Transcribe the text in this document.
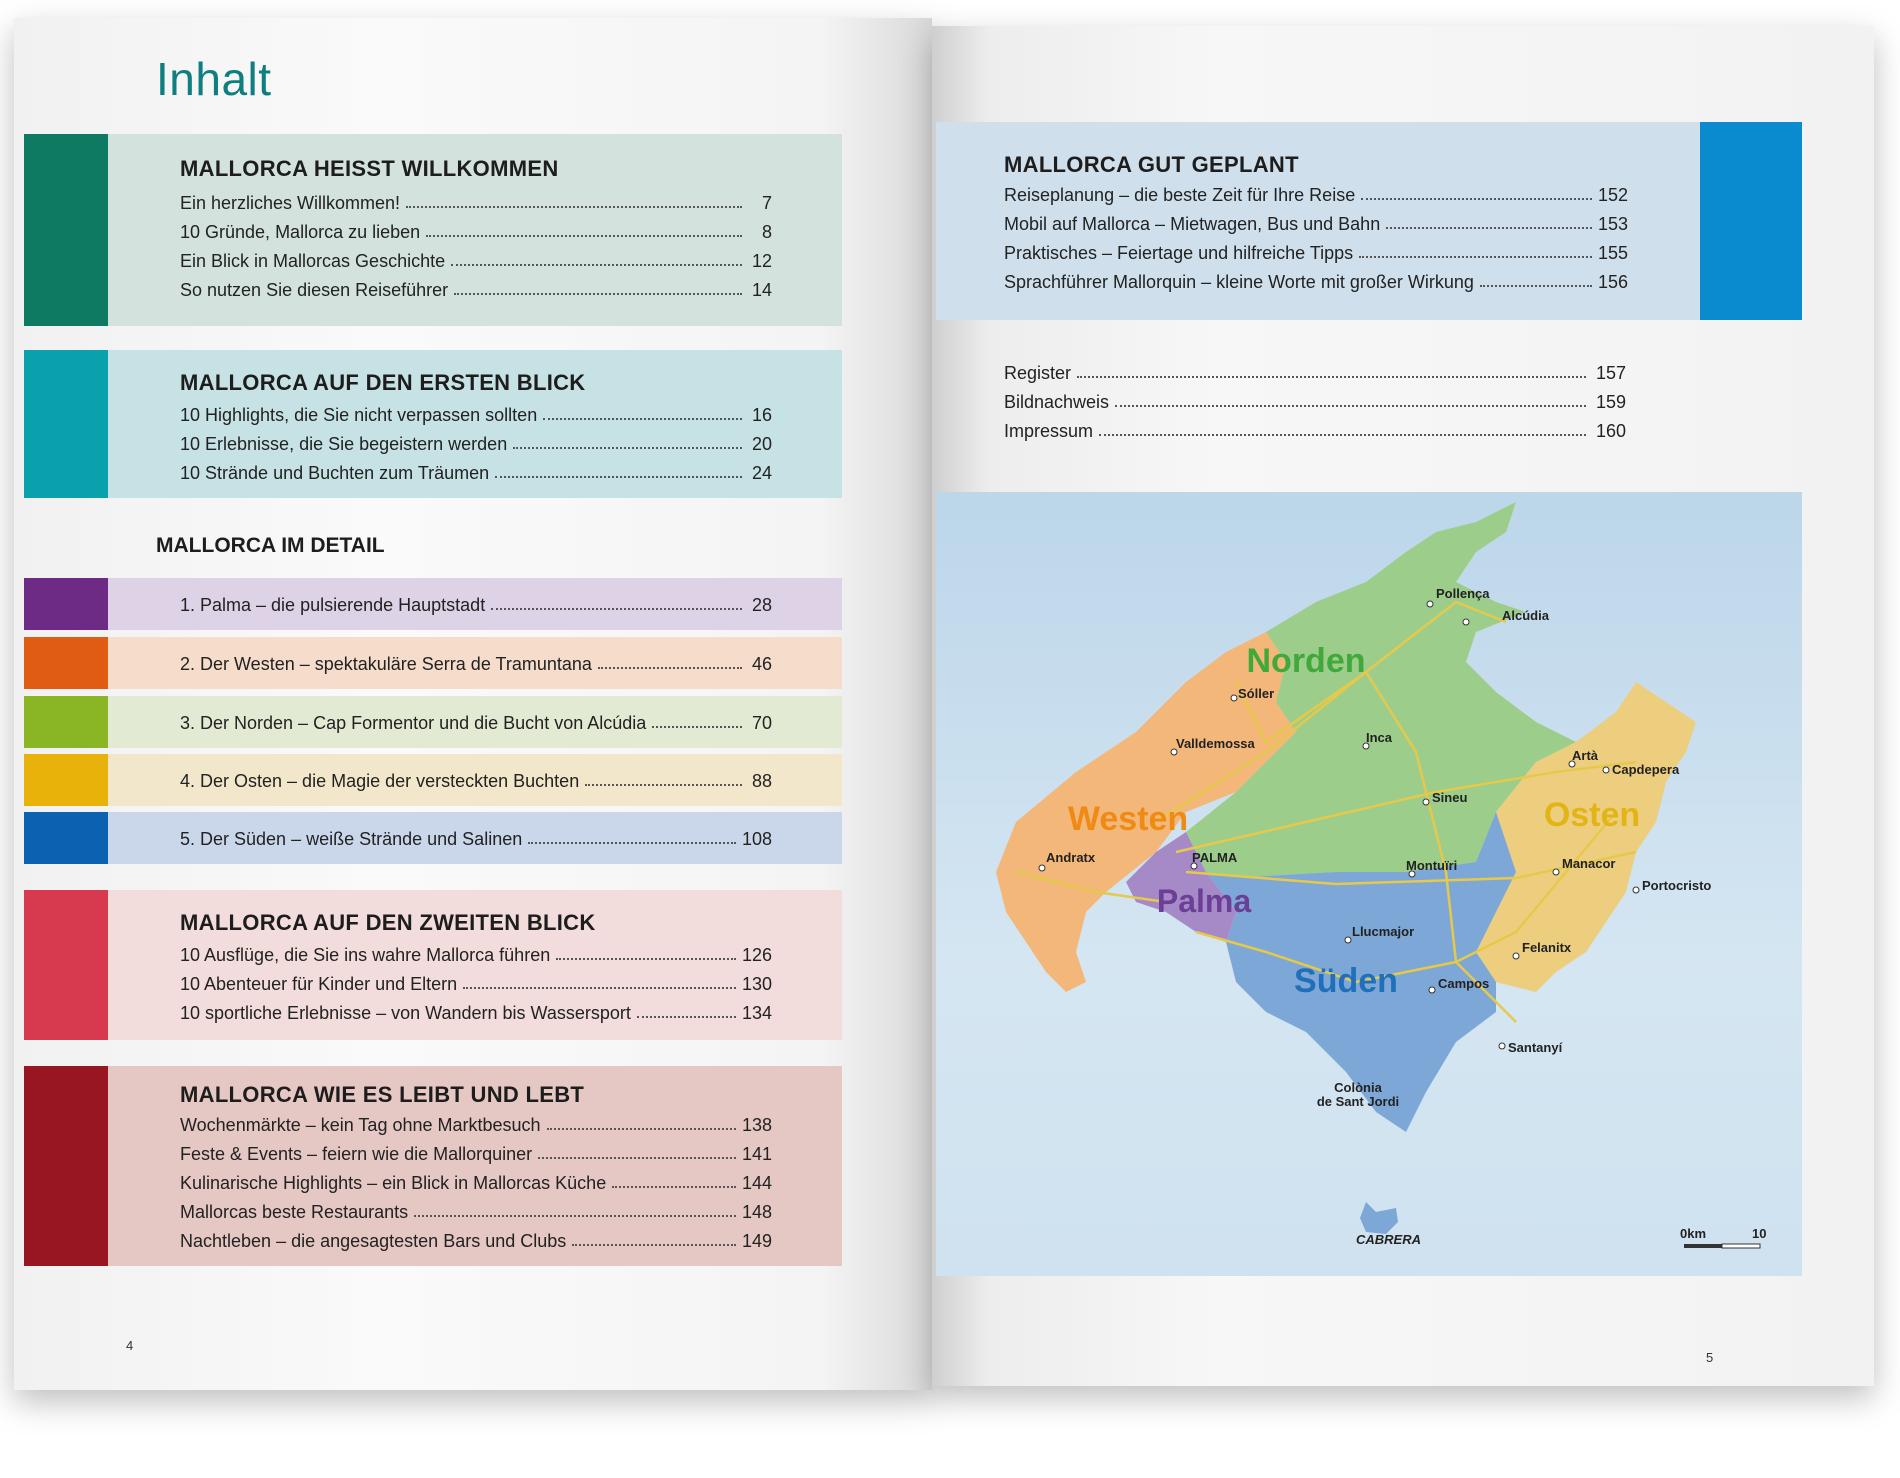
Inhalt
MALLORCA HEISST WILLKOMMEN
Ein herzliches Willkommen!	7
10 Gründe, Mallorca zu lieben	8
Ein Blick in Mallorcas Geschichte	12
So nutzen Sie diesen Reiseführer	14
MALLORCA AUF DEN ERSTEN BLICK
10 Highlights, die Sie nicht verpassen sollten	16
10 Erlebnisse, die Sie begeistern werden	20
10 Strände und Buchten zum Träumen	24
MALLORCA IM DETAIL
1. Palma – die pulsierende Hauptstadt	28
2. Der Westen – spektakuläre Serra de Tramuntana	46
3. Der Norden – Cap Formentor und die Bucht von Alcúdia	70
4. Der Osten – die Magie der versteckten Buchten	88
5. Der Süden – weiße Strände und Salinen	108
MALLORCA AUF DEN ZWEITEN BLICK
10 Ausflüge, die Sie ins wahre Mallorca führen	126
10 Abenteuer für Kinder und Eltern	130
10 sportliche Erlebnisse – von Wandern bis Wassersport	134
MALLORCA WIE ES LEIBT UND LEBT
Wochenmärkte – kein Tag ohne Marktbesuch	138
Feste & Events – feiern wie die Mallorquiner	141
Kulinarische Highlights – ein Blick in Mallorcas Küche	144
Mallorcas beste Restaurants	148
Nachtleben – die angesagtesten Bars und Clubs	149
4
MALLORCA GUT GEPLANT
Reiseplanung – die beste Zeit für Ihre Reise	152
Mobil auf Mallorca – Mietwagen, Bus und Bahn	153
Praktisches – Feiertage und hilfreiche Tipps	155
Sprachführer Mallorquin – kleine Worte mit großer Wirkung	156
Register	157
Bildnachweis	159
Impressum	160
Norden
Westen	Osten
Süden
Palma
Pollença
Alcúdia
Sóller
Valldemossa	Inca
Artà
Capdepera
Sineu
Andratx	PALMA
Montuïri	Manacor
Portocristo
Llucmajor
Felanitx
Campos
Santanyí
Colònia
de Sant Jordi
CABRERA	0km	10
5
